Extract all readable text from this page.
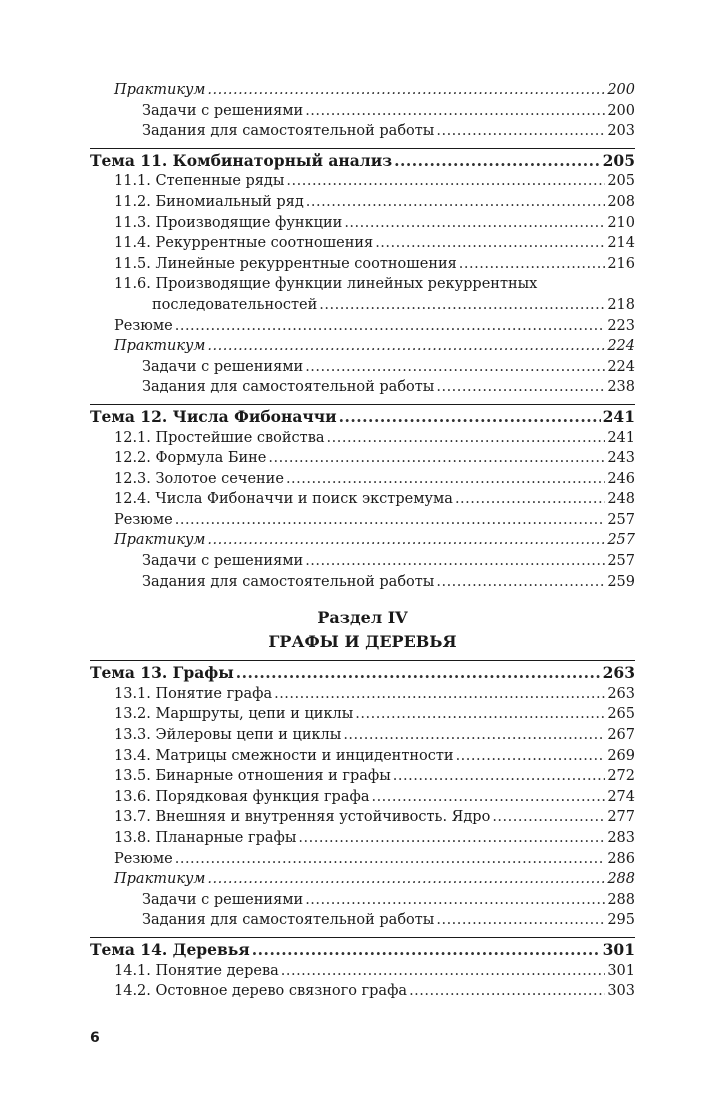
Практикум .....	200
Задачи с решениями .....	200
Задания для самостоятельной работы .....	203
Тема 11. Комбинаторный анализ .....	205
11.1. Степенные ряды .....	205
11.2. Биномиальный ряд .....	208
11.3. Производящие функции .....	210
11.4. Рекуррентные соотношения .....	214
11.5. Линейные рекуррентные соотношения .....	216
11.6. Производящие функции линейных рекуррентных
последовательностей .....	218
Резюме .....	223
Практикум .....	224
Задачи с решениями .....	224
Задания для самостоятельной работы .....	238
Тема 12. Числа Фибоначчи .....	241
12.1. Простейшие свойства .....	241
12.2. Формула Бине .....	243
12.3. Золотое сечение .....	246
12.4. Числа Фибоначчи и поиск экстремума .....	248
Резюме .....	257
Практикум .....	257
Задачи с решениями .....	257
Задания для самостоятельной работы .....	259
Раздел IV
ГРАФЫ И ДЕРЕВЬЯ
Тема 13. Графы .....	263
13.1. Понятие графа .....	263
13.2. Маршруты, цепи и циклы .....	265
13.3. Эйлеровы цепи и циклы .....	267
13.4. Матрицы смежности и инцидентности .....	269
13.5. Бинарные отношения и графы .....	272
13.6. Порядковая функция графа .....	274
13.7. Внешняя и внутренняя устойчивость. Ядро .....	277
13.8. Планарные графы .....	283
Резюме .....	286
Практикум .....	288
Задачи с решениями .....	288
Задания для самостоятельной работы .....	295
Тема 14. Деревья .....	301
14.1. Понятие дерева .....	301
14.2. Остовное дерево связного графа .....	303
6
